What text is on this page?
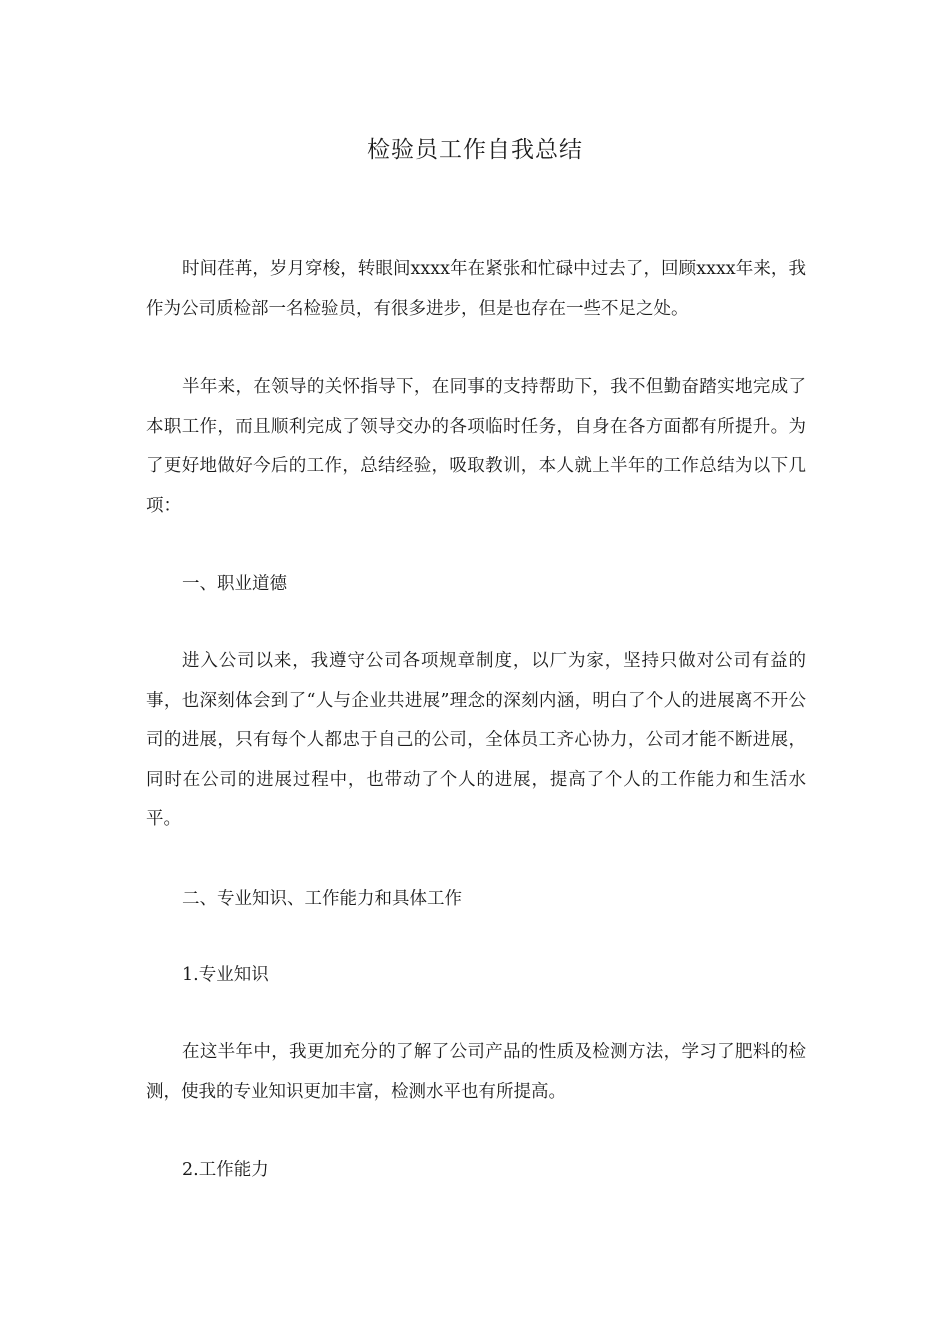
检验员工作自我总结

时间荏苒，岁月穿梭，转眼间xxxx年在紧张和忙碌中过去了，回顾xxxx年来，我作为公司质检部一名检验员，有很多进步，但是也存在一些不足之处。

半年来，在领导的关怀指导下，在同事的支持帮助下，我不但勤奋踏实地完成了本职工作，而且顺利完成了领导交办的各项临时任务，自身在各方面都有所提升。为了更好地做好今后的工作，总结经验，吸取教训，本人就上半年的工作总结为以下几项：

一、职业道德

进入公司以来，我遵守公司各项规章制度，以厂为家，坚持只做对公司有益的事，也深刻体会到了“人与企业共进展”理念的深刻内涵，明白了个人的进展离不开公司的进展，只有每个人都忠于自己的公司，全体员工齐心协力，公司才能不断进展，同时在公司的进展过程中，也带动了个人的进展，提高了个人的工作能力和生活水平。

二、专业知识、工作能力和具体工作

1.专业知识

在这半年中，我更加充分的了解了公司产品的性质及检测方法，学习了肥料的检测，使我的专业知识更加丰富，检测水平也有所提高。

2.工作能力
